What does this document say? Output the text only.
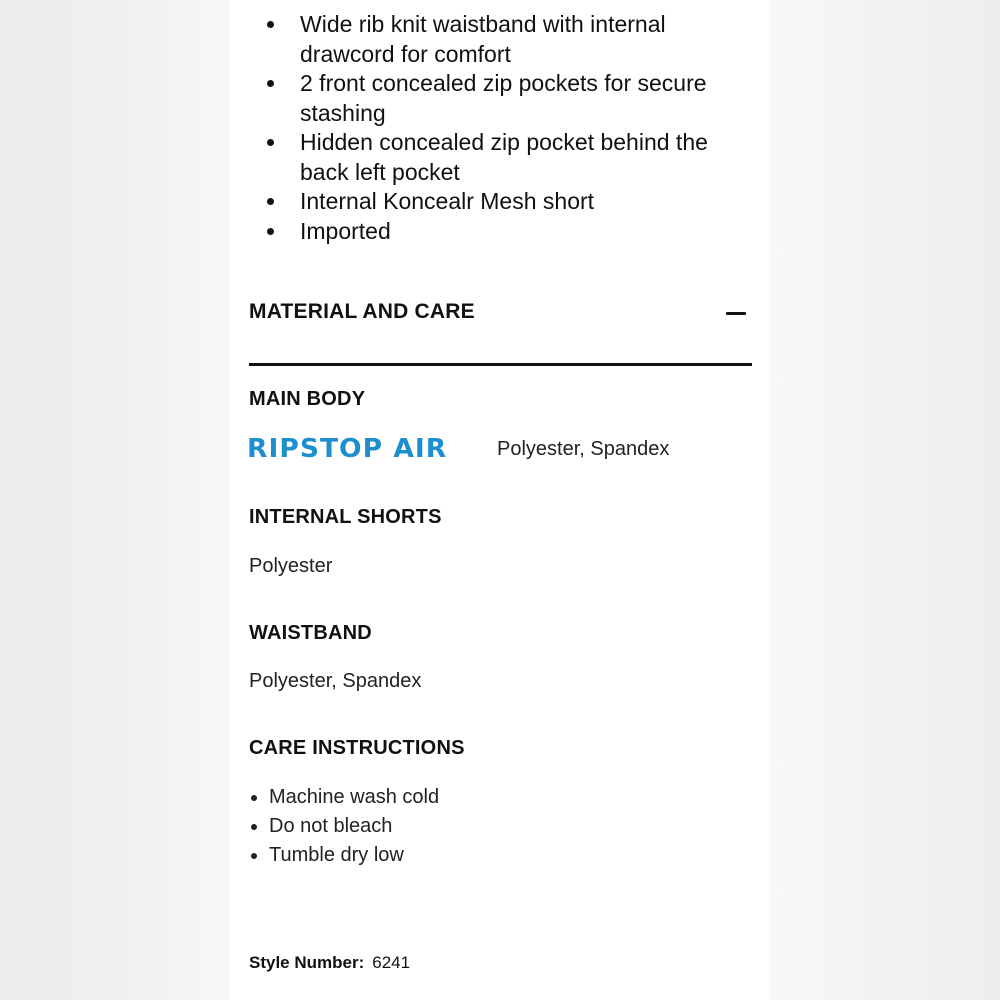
• Wide rib knit waistband with internal drawcord for comfort
• 2 front concealed zip pockets for secure stashing
• Hidden concealed zip pocket behind the back left pocket
• Internal Koncealr Mesh short
• Imported
MATERIAL AND CARE
MAIN BODY
RIPSTOP AIR Polyester, Spandex
INTERNAL SHORTS
Polyester
WAISTBAND
Polyester, Spandex
CARE INSTRUCTIONS
• Machine wash cold
• Do not bleach
• Tumble dry low
Style Number: 6241
